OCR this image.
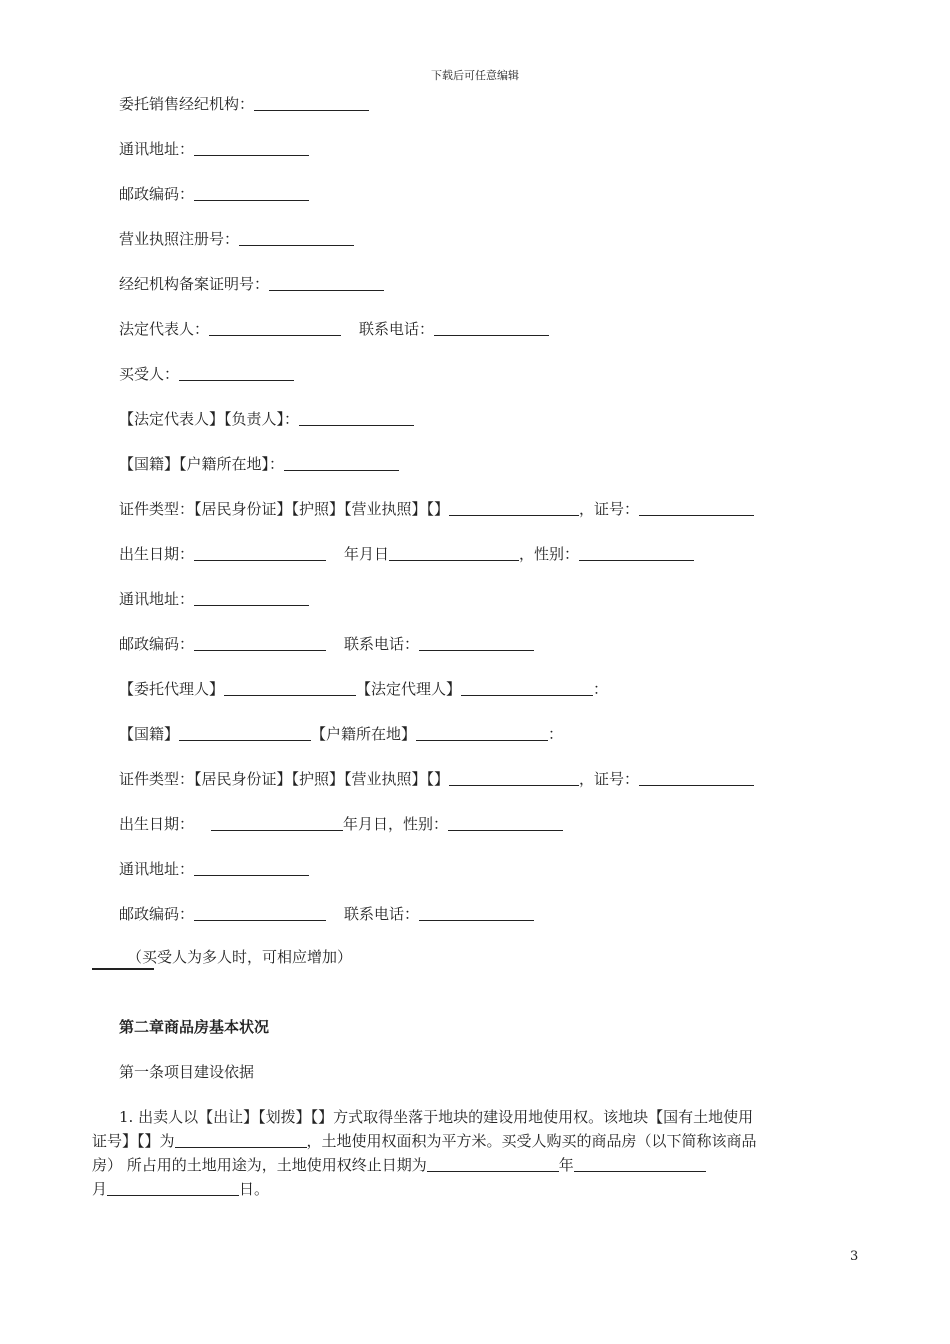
下载后可任意编辑
委托销售经纪机构：
通讯地址：
邮政编码：
营业执照注册号：
经纪机构备案证明号：
法定代表人：	联系电话：
买受人：
【法定代表人】【负责人】：
【国籍】【户籍所在地】：
证件类型：【居民身份证】【护照】【营业执照】【】	，证号：
出生日期：	年月日	，性别：
通讯地址：
邮政编码：	联系电话：
【委托代理人】	【法定代理人】	：
【国籍】	【户籍所在地】	：
证件类型：【居民身份证】【护照】【营业执照】【】	，证号：
出生日期：	年月日，性别：
通讯地址：
邮政编码：	联系电话：
（买受人为多人时，可相应增加）
第二章商品房基本状况
第一条项目建设依据
1. 出卖人以【出让】【划拨】【】方式取得坐落于地块的建设用地使用权。该地块【国有土地使用
证号】【】为	，土地使用权面积为平方米。买受人购买的商品房（以下简称该商品
房） 所占用的土地用途为，土地使用权终止日期为	年
月	日。
3
